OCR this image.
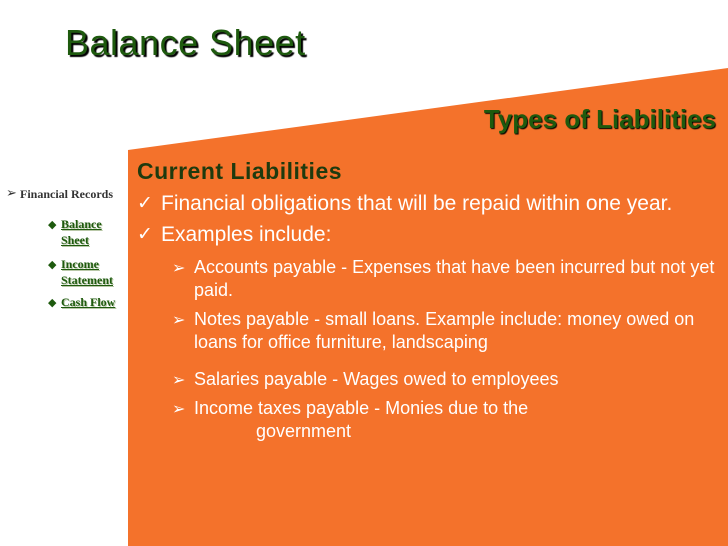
Balance Sheet
Types of Liabilities
➢ Financial Records
◆ Balance Sheet
◆ Income Statement
◆ Cash Flow
Current Liabilities
✓ Financial obligations that will be repaid within one year.
✓ Examples include:
➢ Accounts payable - Expenses that have been incurred but not yet paid.
➢ Notes payable - small loans. Example include: money owed on loans for office furniture, landscaping
➢ Salaries payable - Wages owed to employees
➢ Income taxes payable - Monies due to the
government
